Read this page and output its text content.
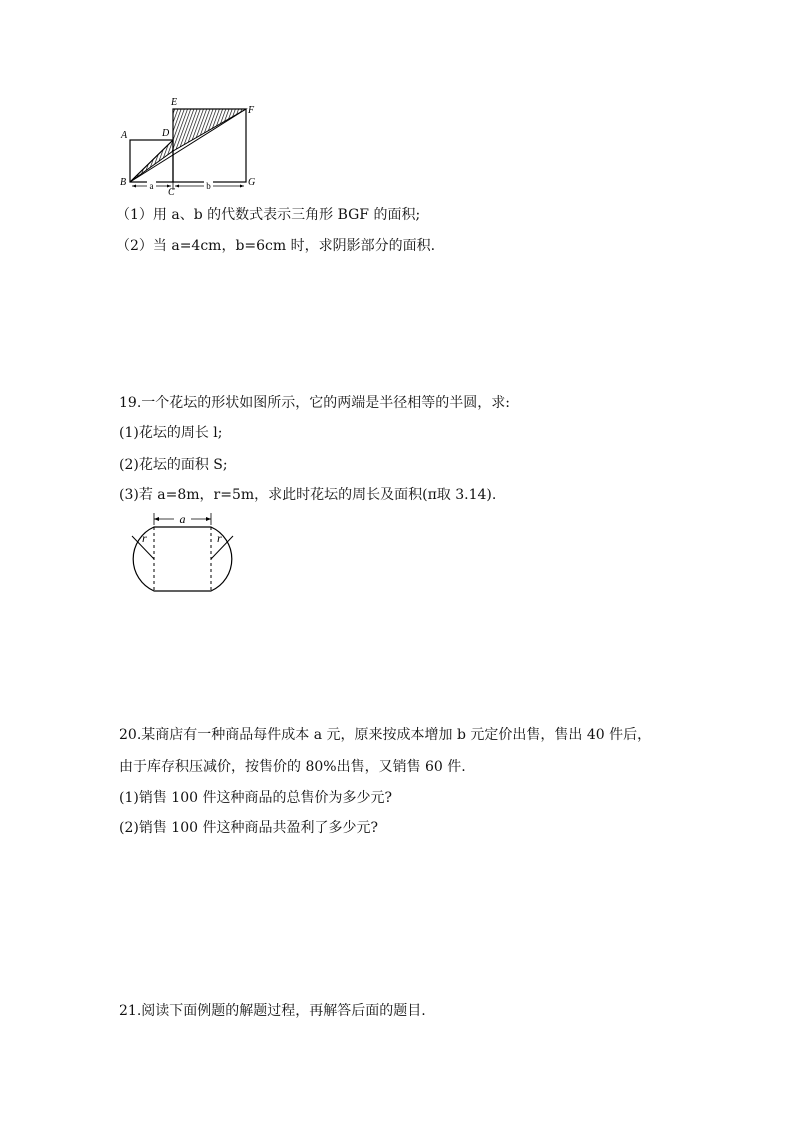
a	b
A
B
C
D
E
F
G
（1）用 a、b 的代数式表示三角形 BGF 的面积;
（2）当 a=4cm，b=6cm 时，求阴影部分的面积.
19.一个花坛的形状如图所示，它的两端是半径相等的半圆，求:
(1)花坛的周长 l;
(2)花坛的面积 S;
(3)若 a=8m，r=5m，求此时花坛的周长及面积(π取 3.14).
a
r	r
20.某商店有一种商品每件成本 a 元，原来按成本增加 b 元定价出售，售出 40 件后，
由于库存积压减价，按售价的 80%出售，又销售 60 件.
(1)销售 100 件这种商品的总售价为多少元?
(2)销售 100 件这种商品共盈利了多少元?
21.阅读下面例题的解题过程，再解答后面的题目.
